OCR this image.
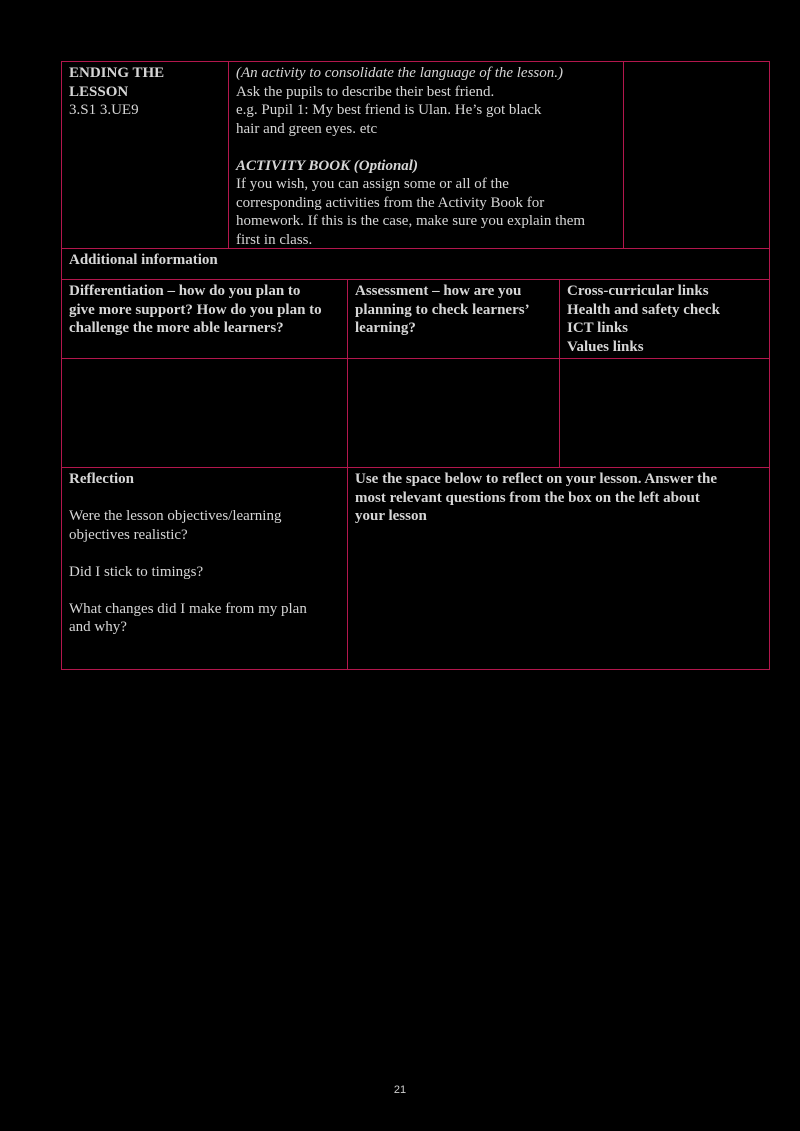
ENDING THE
LESSON
3.S1 3.UE9
(An activity to consolidate the language of the lesson.)
Ask the pupils to describe their best friend.
e.g. Pupil 1: My best friend is Ulan. He’s got black
hair and green eyes. etc
ACTIVITY BOOK (Optional)
If you wish, you can assign some or all of the
corresponding activities from the Activity Book for
homework. If this is the case, make sure you explain them
first in class.
Additional information
Differentiation – how do you plan to
give more support? How do you plan to
challenge the more able learners?
Assessment – how are you
planning to check learners’
learning?
Cross-curricular links
Health and safety check
ICT links
Values links
Reflection
Were the lesson objectives/learning
objectives realistic?
Did I stick to timings?
What changes did I make from my plan
and why?
Use the space below to reflect on your lesson. Answer the
most relevant questions from the box on the left about
your lesson
21
